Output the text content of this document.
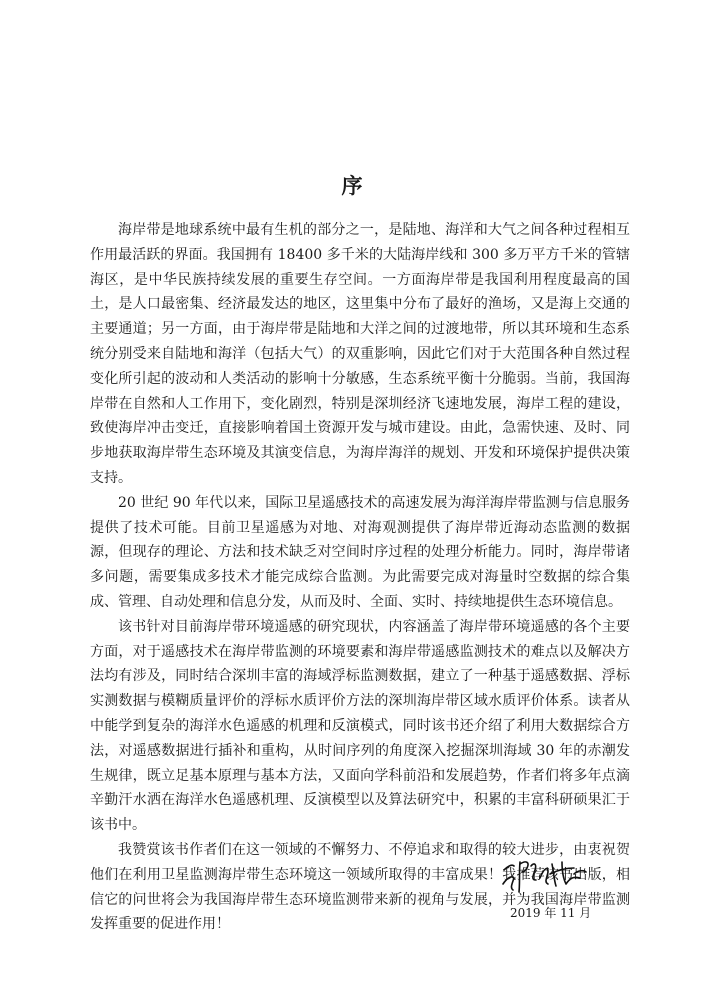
序

海岸带是地球系统中最有生机的部分之一，是陆地、海洋和大气之间各种过程相互作用最活跃的界面。我国拥有 18400 多千米的大陆海岸线和 300 多万平方千米的管辖海区，是中华民族持续发展的重要生存空间。一方面海岸带是我国利用程度最高的国土，是人口最密集、经济最发达的地区，这里集中分布了最好的渔场，又是海上交通的主要通道；另一方面，由于海岸带是陆地和大洋之间的过渡地带，所以其环境和生态系统分别受来自陆地和海洋（包括大气）的双重影响，因此它们对于大范围各种自然过程变化所引起的波动和人类活动的影响十分敏感，生态系统平衡十分脆弱。当前，我国海岸带在自然和人工作用下，变化剧烈，特别是深圳经济飞速地发展，海岸工程的建设，致使海岸冲击变迁，直接影响着国土资源开发与城市建设。由此，急需快速、及时、同步地获取海岸带生态环境及其演变信息，为海岸海洋的规划、开发和环境保护提供决策支持。

20 世纪 90 年代以来，国际卫星遥感技术的高速发展为海洋海岸带监测与信息服务提供了技术可能。目前卫星遥感为对地、对海观测提供了海岸带近海动态监测的数据源，但现存的理论、方法和技术缺乏对空间时序过程的处理分析能力。同时，海岸带诸多问题，需要集成多技术才能完成综合监测。为此需要完成对海量时空数据的综合集成、管理、自动处理和信息分发，从而及时、全面、实时、持续地提供生态环境信息。

该书针对目前海岸带环境遥感的研究现状，内容涵盖了海岸带环境遥感的各个主要方面，对于遥感技术在海岸带监测的环境要素和海岸带遥感监测技术的难点以及解决方法均有涉及，同时结合深圳丰富的海域浮标监测数据，建立了一种基于遥感数据、浮标实测数据与模糊质量评价的浮标水质评价方法的深圳海岸带区域水质评价体系。读者从中能学到复杂的海洋水色遥感的机理和反演模式，同时该书还介绍了利用大数据综合方法，对遥感数据进行插补和重构，从时间序列的角度深入挖掘深圳海域 30 年的赤潮发生规律，既立足基本原理与基本方法，又面向学科前沿和发展趋势，作者们将多年点滴辛勤汗水洒在海洋水色遥感机理、反演模型以及算法研究中，积累的丰富科研硕果汇于该书中。

我赞赏该书作者们在这一领域的不懈努力、不停追求和取得的较大进步，由衷祝贺他们在利用卫星监测海岸带生态环境这一领域所取得的丰富成果！我推荐该书出版，相信它的问世将会为我国海岸带生态环境监测带来新的视角与发展，并为我国海岸带监测发挥重要的促进作用！

2019 年 11 月
